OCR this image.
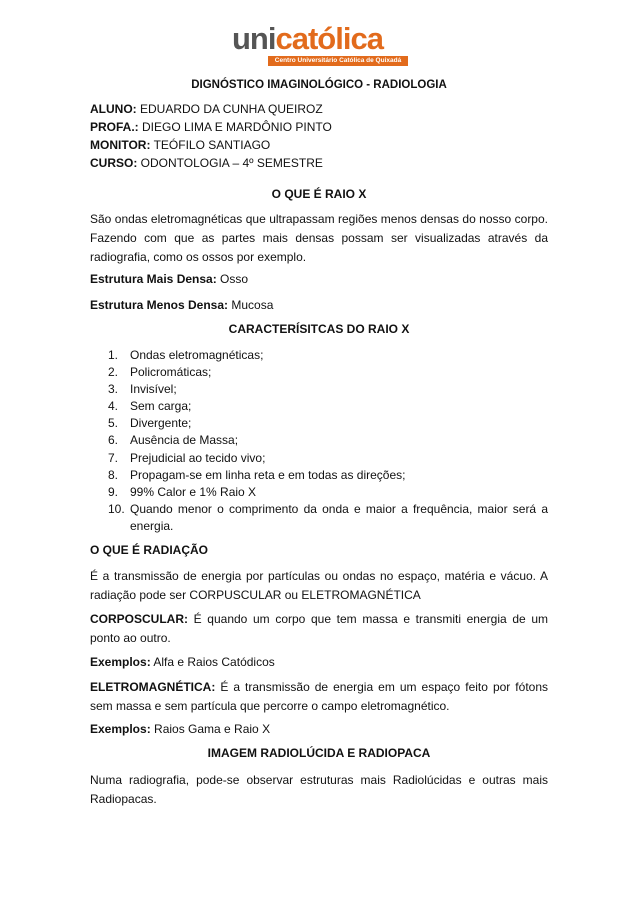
unicatólica
Centro Universitário Católica de Quixadá
DIGNÓSTICO IMAGINOLÓGICO - RADIOLOGIA
ALUNO: EDUARDO DA CUNHA QUEIROZ
PROFA.: DIEGO LIMA E MARDÔNIO PINTO
MONITOR: TEÓFILO SANTIAGO
CURSO: ODONTOLOGIA – 4º SEMESTRE
O QUE É RAIO X
São ondas eletromagnéticas que ultrapassam regiões menos densas do nosso corpo. Fazendo com que as partes mais densas possam ser visualizadas através da radiografia, como os ossos por exemplo.
Estrutura Mais Densa: Osso
Estrutura Menos Densa: Mucosa
CARACTERÍSITCAS DO RAIO X
1. Ondas eletromagnéticas;
2. Policromáticas;
3. Invisível;
4. Sem carga;
5. Divergente;
6. Ausência de Massa;
7. Prejudicial ao tecido vivo;
8. Propagam-se em linha reta e em todas as direções;
9. 99% Calor e 1% Raio X
10. Quando menor o comprimento da onda e maior a frequência, maior será a energia.
O QUE É RADIAÇÃO
É a transmissão de energia por partículas ou ondas no espaço, matéria e vácuo. A radiação pode ser CORPUSCULAR ou ELETROMAGNÉTICA
CORPOSCULAR: É quando um corpo que tem massa e transmiti energia de um ponto ao outro.
Exemplos: Alfa e Raios Catódicos
ELETROMAGNÉTICA: É a transmissão de energia em um espaço feito por fótons sem massa e sem partícula que percorre o campo eletromagnético.
Exemplos: Raios Gama e Raio X
IMAGEM RADIOLÚCIDA E RADIOPACA
Numa radiografia, pode-se observar estruturas mais Radiolúcidas e outras mais Radiopacas.
